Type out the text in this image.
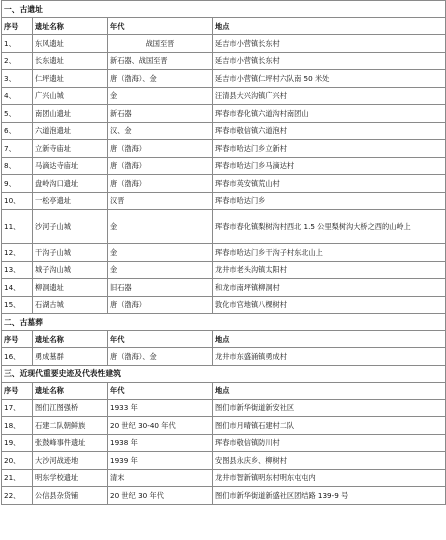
一、古遗址			
序号	遗址名称	年代	地点
1、	东风遗址	战国至晋	延吉市小营镇长东村
2、	长东遗址	新石器、战国至晋	延吉市小营镇长东村
3、	仁坪遗址	唐（渤海）、金	延吉市小营镇仁坪村六队南 50 米处
4、	广兴山城	金	汪清县大兴沟镇广兴村
5、	南团山遗址	新石器	珲春市春化镇六道沟村南团山
6、	六道泡遗址	汉、金	珲春市敬信镇六道泡村
7、	立新寺庙址	唐（渤海）	珲春市哈达门乡立新村
8、	马滴达寺庙址	唐（渤海）	珲春市哈达门乡马滴达村
9、	盘岭沟口遗址	唐（渤海）	珲春市英安镇荒山村
10、	一松亭遗址	汉晋	珲春市哈达门乡
11、	沙河子山城	金	珲春市春化镇梨树沟村西北 1.5 公里梨树沟大桥之西的山岭上
12、	干沟子山城	金	珲春市哈达门乡干沟子村东北山上
13、	城子沟山城	金	龙井市老头沟镇太阳村
14、	柳洞遗址	旧石器	和龙市南坪镇柳洞村
15、	石湖古城	唐（渤海）	敦化市官地镇八棵树村
二、古墓葬			
序号	遗址名称	年代	地点
16、	勇成墓群	唐（渤海）、金	龙井市东盛涌镇勇成村
三、近现代重要史迹及代表性建筑			
序号	遗址名称	年代	地点
17、	图们江图强桥	1933 年	图们市新华街道新安社区
18、	石建二队朝鲜族	20 世纪 30-40 年代	图们市月晴镇石建村二队
19、	张鼓峰事件遗址	1938 年	珲春市敬信镇防川村
20、	大沙河战迹地	1939 年	安图县永庆乡、柳树村
21、	明东学校遗址	清末	龙井市智新镇明东村明东屯屯内
22、	公信县杂货铺	20 世纪 30 年代	图们市新华街道新盛社区团结路 139-9 号
